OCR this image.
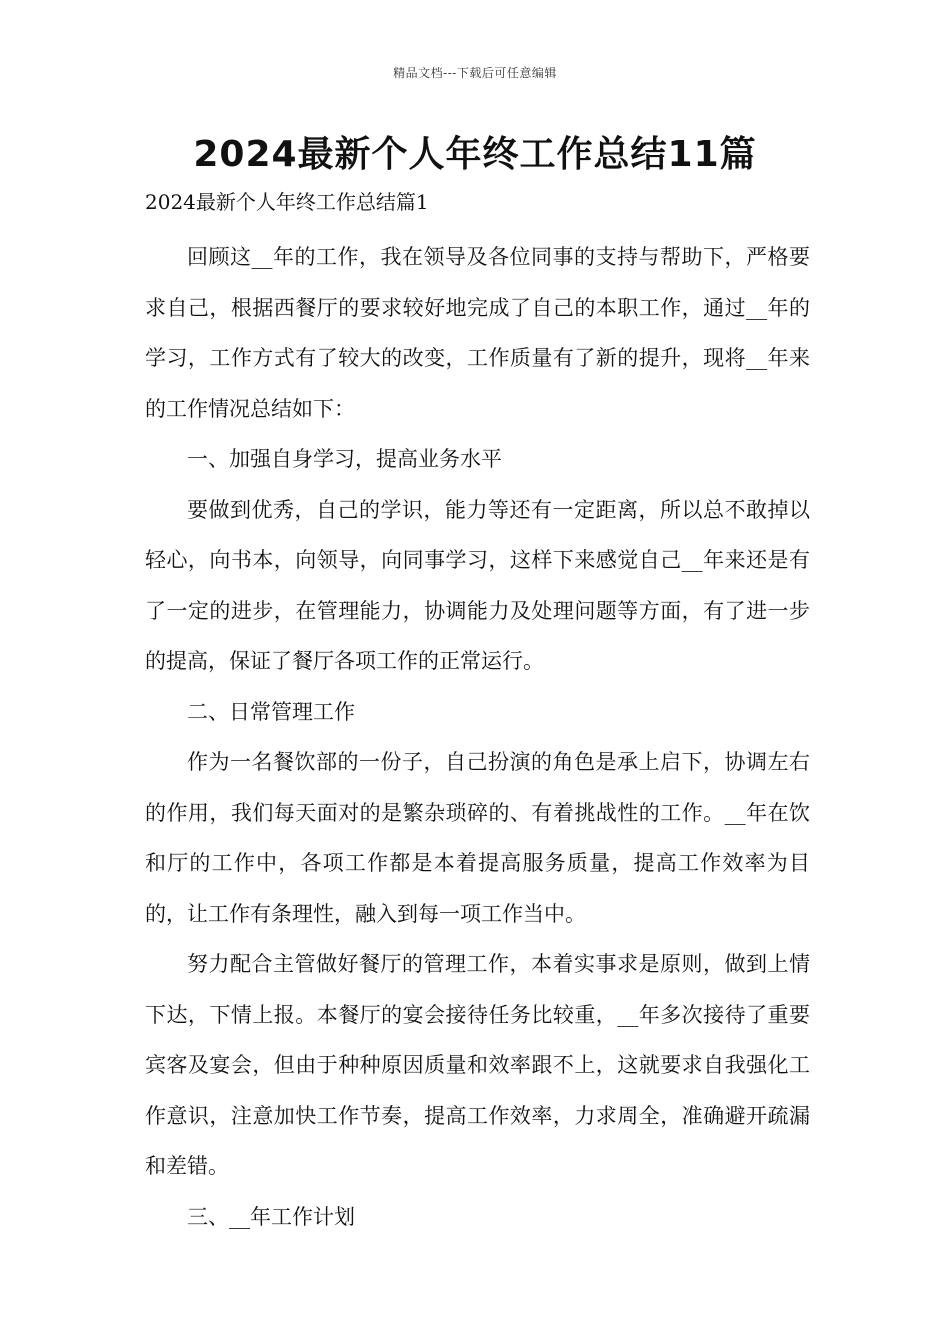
精品文档---下载后可任意编辑
2024最新个人年终工作总结11篇
2024最新个人年终工作总结篇1

回顾这__年的工作，我在领导及各位同事的支持与帮助下，严格要求自己，根据西餐厅的要求较好地完成了自己的本职工作，通过__年的学习，工作方式有了较大的改变，工作质量有了新的提升，现将__年来的工作情况总结如下：

一、加强自身学习，提高业务水平

要做到优秀，自己的学识，能力等还有一定距离，所以总不敢掉以轻心，向书本，向领导，向同事学习，这样下来感觉自己__年来还是有了一定的进步，在管理能力，协调能力及处理问题等方面，有了进一步的提高，保证了餐厅各项工作的正常运行。

二、日常管理工作

作为一名餐饮部的一份子，自己扮演的角色是承上启下，协调左右的作用，我们每天面对的是繁杂琐碎的、有着挑战性的工作。__年在饮和厅的工作中，各项工作都是本着提高服务质量，提高工作效率为目的，让工作有条理性，融入到每一项工作当中。

努力配合主管做好餐厅的管理工作，本着实事求是原则，做到上情下达，下情上报。本餐厅的宴会接待任务比较重，__年多次接待了重要宾客及宴会，但由于种种原因质量和效率跟不上，这就要求自我强化工作意识，注意加快工作节奏，提高工作效率，力求周全，准确避开疏漏和差错。

三、__年工作计划
